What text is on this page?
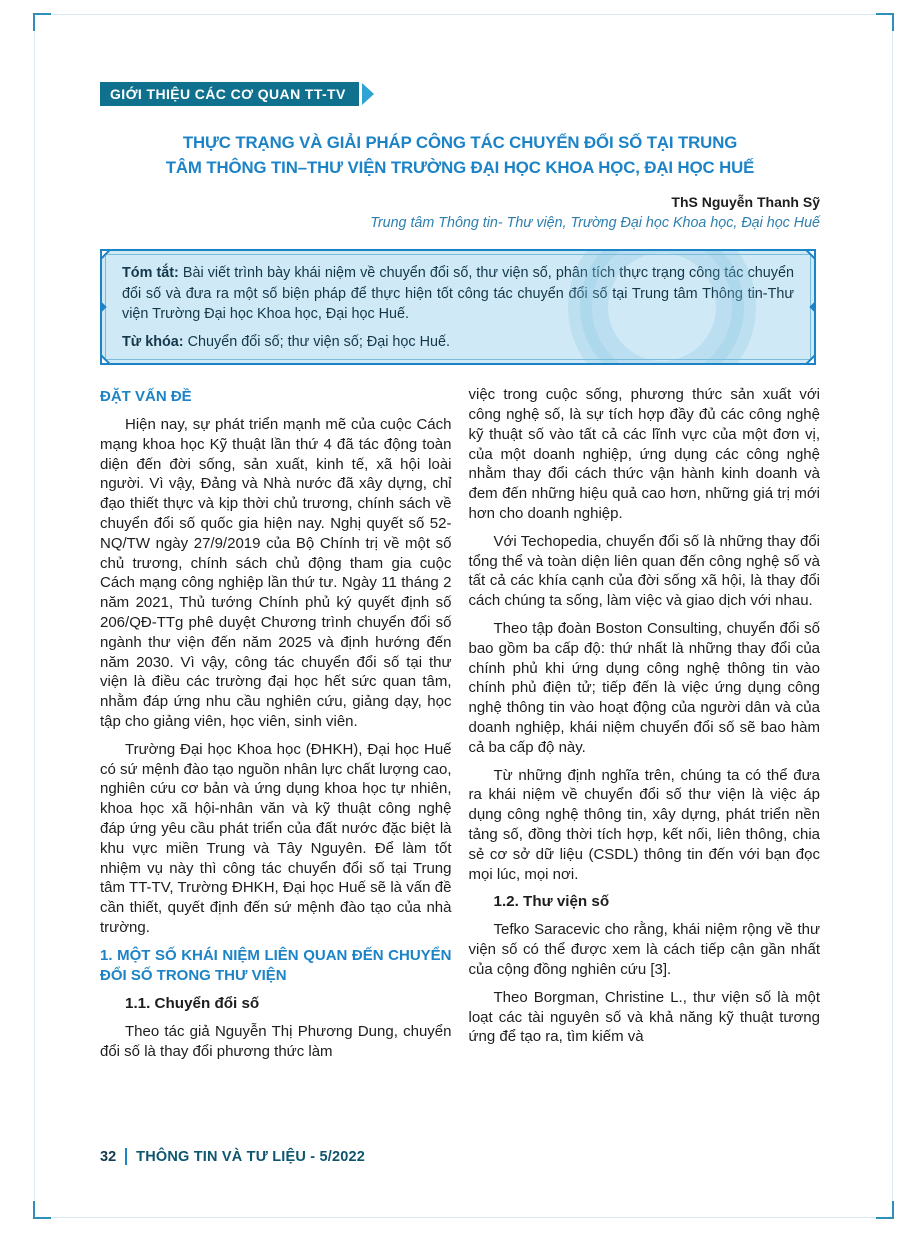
GIỚI THIỆU CÁC CƠ QUAN TT-TV
THỰC TRẠNG VÀ GIẢI PHÁP CÔNG TÁC CHUYỂN ĐỔI SỐ TẠI TRUNG TÂM THÔNG TIN–THƯ VIỆN TRƯỜNG ĐẠI HỌC KHOA HỌC, ĐẠI HỌC HUẾ
ThS Nguyễn Thanh Sỹ
Trung tâm Thông tin- Thư viện, Trường Đại học Khoa học, Đại học Huế

Tóm tắt: Bài viết trình bày khái niệm về chuyển đổi số, thư viện số, phân tích thực trạng công tác chuyển đổi số và đưa ra một số biện pháp để thực hiện tốt công tác chuyển đổi số tại Trung tâm Thông tin-Thư viện Trường Đại học Khoa học, Đại học Huế.

Từ khóa: Chuyển đổi số; thư viện số; Đại học Huế.

ĐẶT VẤN ĐỀ

Hiện nay, sự phát triển mạnh mẽ của cuộc Cách mạng khoa học Kỹ thuật lần thứ 4 đã tác động toàn diện đến đời sống, sản xuất, kinh tế, xã hội loài người. Vì vậy, Đảng và Nhà nước đã xây dựng, chỉ đạo thiết thực và kịp thời chủ trương, chính sách về chuyển đổi số quốc gia hiện nay. Nghị quyết số 52-NQ/TW ngày 27/9/2019 của Bộ Chính trị về một số chủ trương, chính sách chủ động tham gia cuộc Cách mạng công nghiệp lần thứ tư. Ngày 11 tháng 2 năm 2021, Thủ tướng Chính phủ ký quyết định số 206/QĐ-TTg phê duyệt Chương trình chuyển đổi số ngành thư viện đến năm 2025 và định hướng đến năm 2030. Vì vậy, công tác chuyển đổi số tại thư viện là điều các trường đại học hết sức quan tâm, nhằm đáp ứng nhu cầu nghiên cứu, giảng dạy, học tập cho giảng viên, học viên, sinh viên.

Trường Đại học Khoa học (ĐHKH), Đại học Huế có sứ mệnh đào tạo nguồn nhân lực chất lượng cao, nghiên cứu cơ bản và ứng dụng khoa học tự nhiên, khoa học xã hội-nhân văn và kỹ thuật công nghệ đáp ứng yêu cầu phát triển của đất nước đặc biệt là khu vực miền Trung và Tây Nguyên. Để làm tốt nhiệm vụ này thì công tác chuyển đổi số tại Trung tâm TT-TV, Trường ĐHKH, Đại học Huế sẽ là vấn đề cần thiết, quyết định đến sứ mệnh đào tạo của nhà trường.

1. MỘT SỐ KHÁI NIỆM LIÊN QUAN ĐẾN CHUYỂN ĐỔI SỐ TRONG THƯ VIỆN
1.1. Chuyển đổi số

Theo tác giả Nguyễn Thị Phương Dung, chuyển đổi số là thay đổi phương thức làm

việc trong cuộc sống, phương thức sản xuất với công nghệ số, là sự tích hợp đầy đủ các công nghệ kỹ thuật số vào tất cả các lĩnh vực của một đơn vị, của một doanh nghiệp, ứng dụng các công nghệ nhằm thay đổi cách thức vận hành kinh doanh và đem đến những hiệu quả cao hơn, những giá trị mới hơn cho doanh nghiệp.

Với Techopedia, chuyển đổi số là những thay đổi tổng thể và toàn diện liên quan đến công nghệ số và tất cả các khía cạnh của đời sống xã hội, là thay đổi cách chúng ta sống, làm việc và giao dịch với nhau.

Theo tập đoàn Boston Consulting, chuyển đổi số bao gồm ba cấp độ: thứ nhất là những thay đổi của chính phủ khi ứng dụng công nghệ thông tin vào chính phủ điện tử; tiếp đến là việc ứng dụng công nghệ thông tin vào hoạt động của người dân và của doanh nghiệp, khái niệm chuyển đổi số sẽ bao hàm cả ba cấp độ này.

Từ những định nghĩa trên, chúng ta có thể đưa ra khái niệm về chuyển đổi số thư viện là việc áp dụng công nghệ thông tin, xây dựng, phát triển nền tảng số, đồng thời tích hợp, kết nối, liên thông, chia sẻ cơ sở dữ liệu (CSDL) thông tin đến với bạn đọc mọi lúc, mọi nơi.

1.2. Thư viện số

Tefko Saracevic cho rằng, khái niệm rộng về thư viện số có thể được xem là cách tiếp cận gần nhất của cộng đồng nghiên cứu [3].

Theo Borgman, Christine L., thư viện số là một loạt các tài nguyên số và khả năng kỹ thuật tương ứng để tạo ra, tìm kiếm và

32 THÔNG TIN VÀ TƯ LIỆU - 5/2022
